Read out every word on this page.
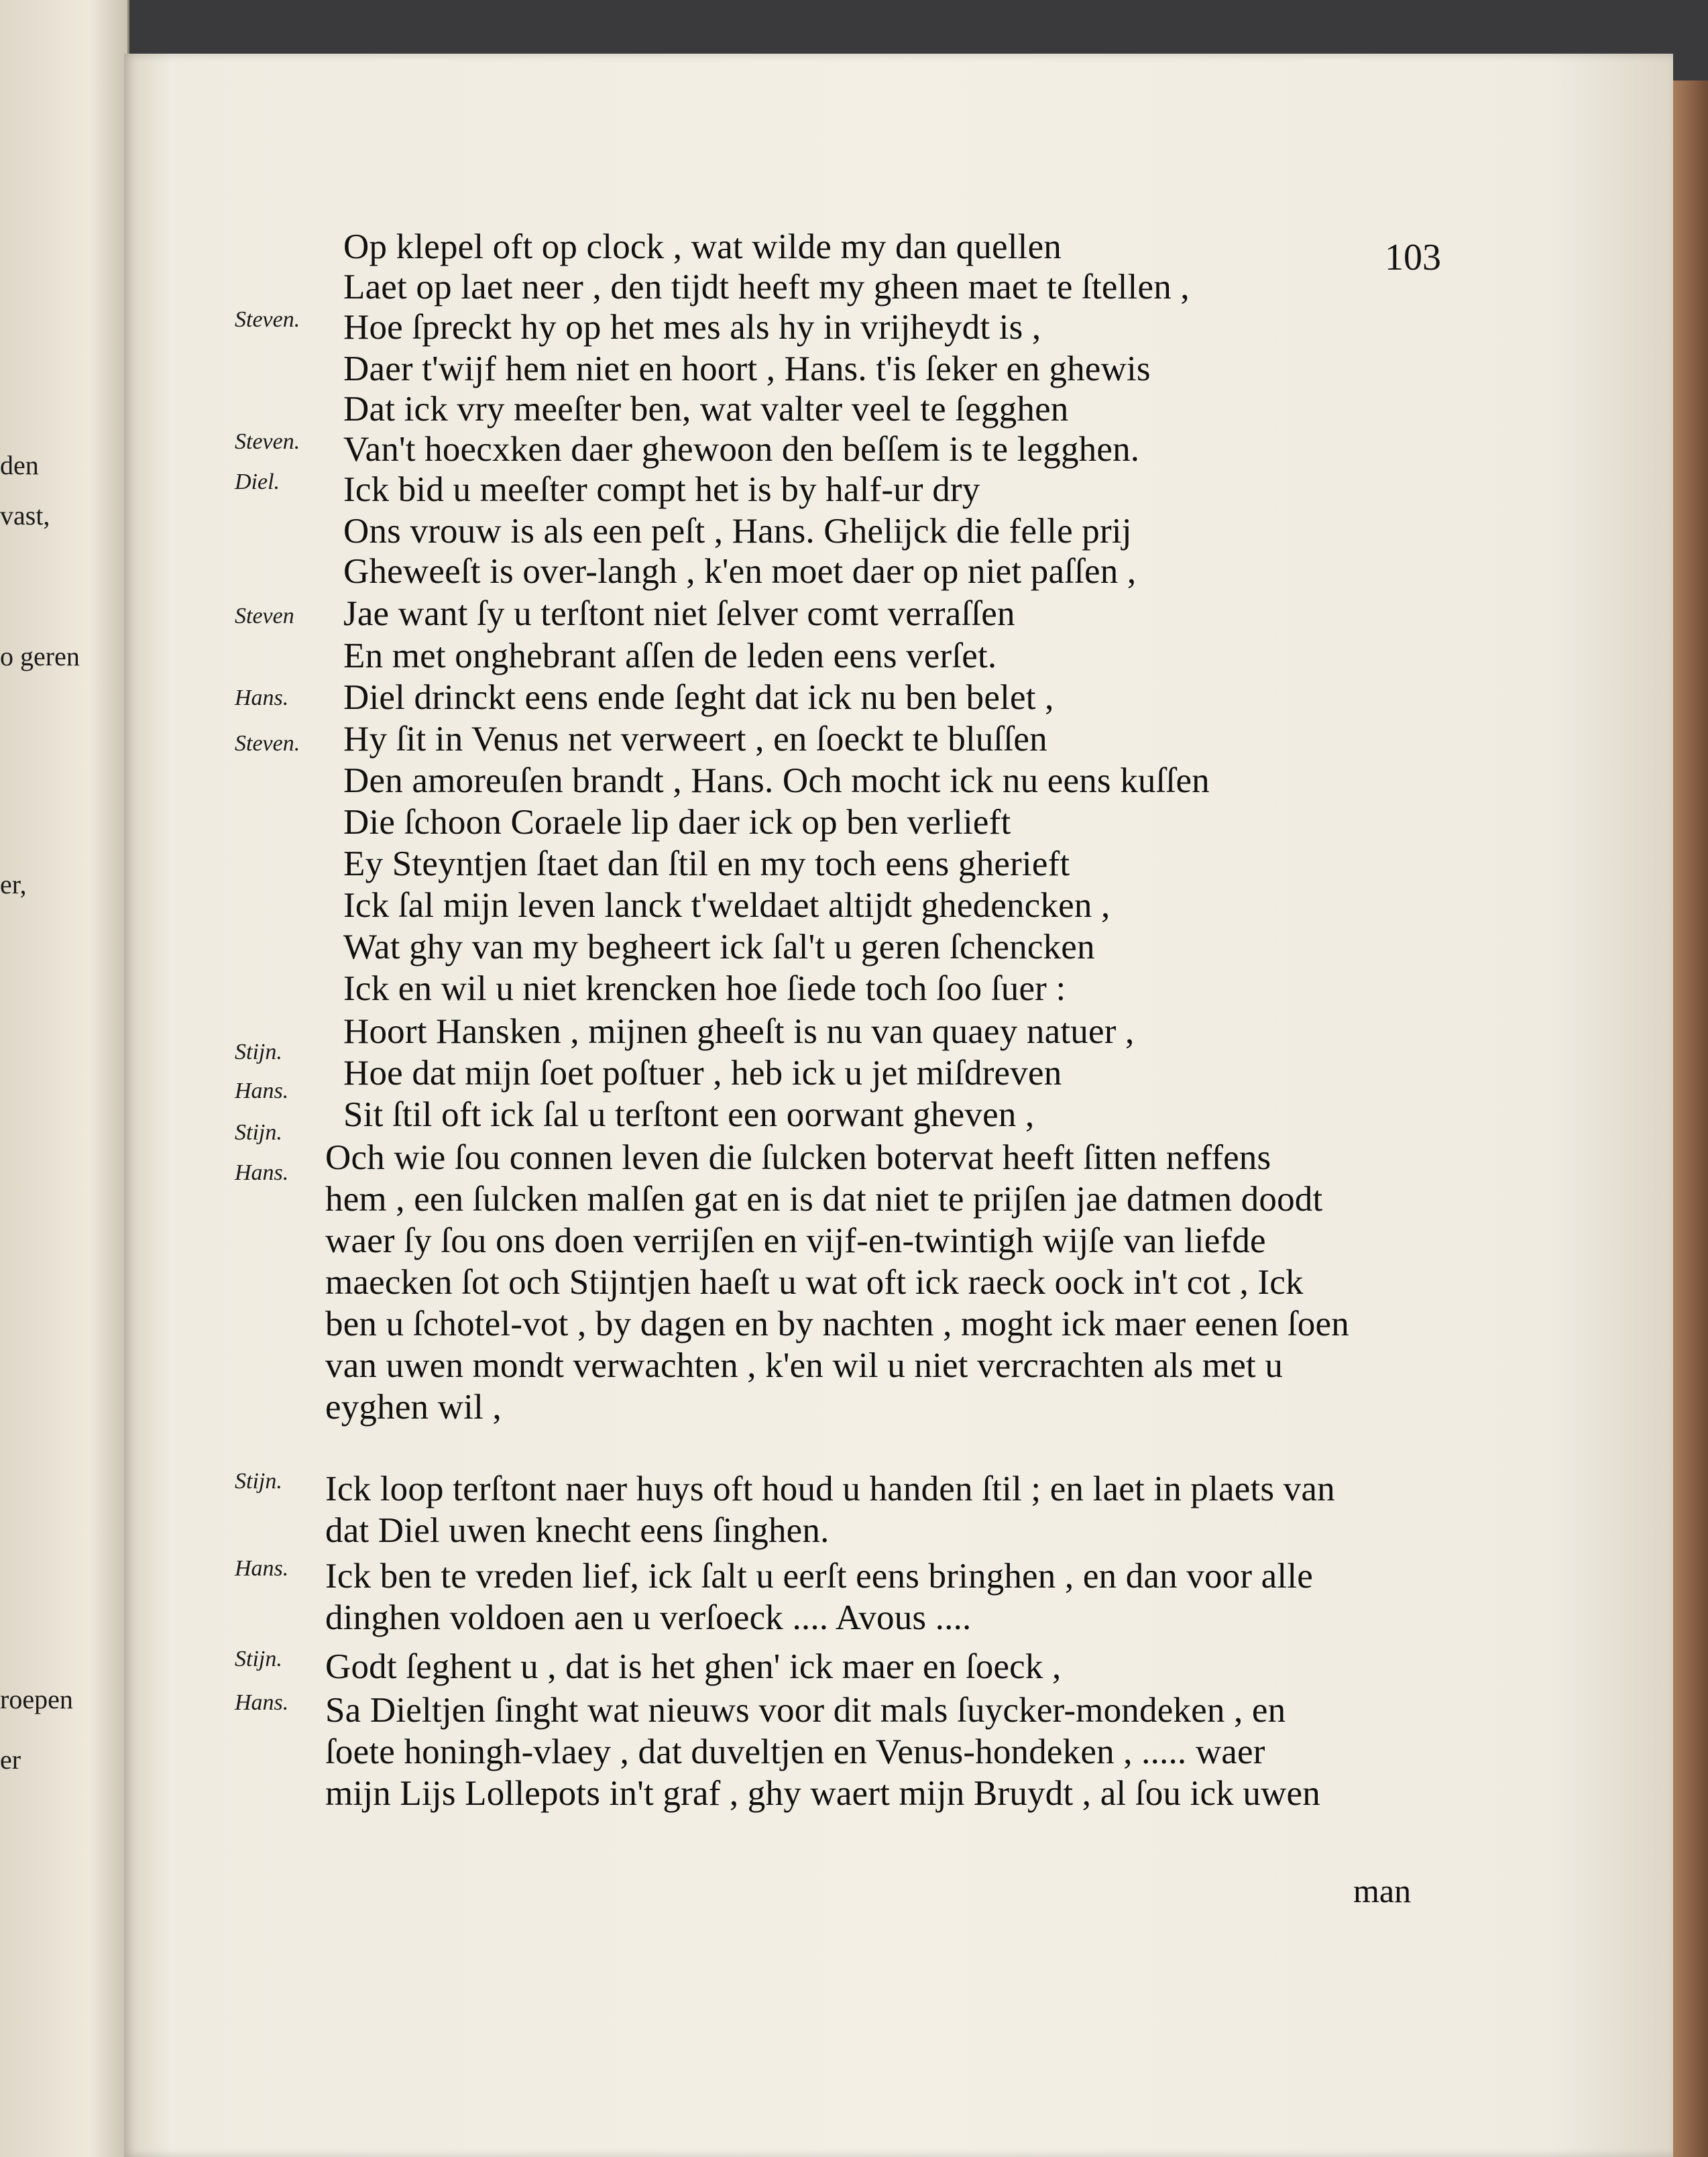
den
vast,
o geren
er,
roepen
er
103
Steven.
Steven.
Diel.
Steven
Hans.
Steven.
Stijn.
Hans.
Stijn.
Hans.
Stijn.
Hans.
Stijn.
Hans.
Op klepel oft op clock , wat wilde my dan quellen
Laet op laet neer , den tijdt heeft my gheen maet te ſtellen ,
Hoe ſpreckt hy op het mes als hy in vrijheydt is ,
Daer t'wijf hem niet en hoort , Hans. t'is ſeker en ghewis
Dat ick vry meeſter ben, wat valter veel te ſegghen
Van't hoecxken daer ghewoon den beſſem is te legghen.
Ick bid u meeſter compt het is by half-ur dry
Ons vrouw is als een peſt , Hans. Ghelijck die felle prij
Gheweeſt is over-langh , k'en moet daer op niet paſſen ,
Jae want ſy u terſtont niet ſelver comt verraſſen
En met onghebrant aſſen de leden eens verſet.
Diel drinckt eens ende ſeght dat ick nu ben belet ,
Hy ſit in Venus net verweert , en ſoeckt te bluſſen
Den amoreuſen brandt , Hans. Och mocht ick nu eens kuſſen
Die ſchoon Coraele lip daer ick op ben verlieft
Ey Steyntjen ſtaet dan ſtil en my toch eens gherieft
Ick ſal mijn leven lanck t'weldaet altijdt ghedencken ,
Wat ghy van my begheert ick ſal't u geren ſchencken
Ick en wil u niet krencken hoe ſiede toch ſoo ſuer :
Hoort Hansken , mijnen gheeſt is nu van quaey natuer ,
Hoe dat mijn ſoet poſtuer , heb ick u jet miſdreven
Sit ſtil oft ick ſal u terſtont een oorwant gheven ,
Och wie ſou connen leven die ſulcken botervat heeft ſitten neffens
hem , een ſulcken malſen gat en is dat niet te prijſen jae datmen doodt
waer ſy ſou ons doen verrijſen en vijf-en-twintigh wijſe van liefde
maecken ſot och Stijntjen haeſt u wat oft ick raeck oock in't cot , Ick
ben u ſchotel-vot , by dagen en by nachten , moght ick maer eenen ſoen
van uwen mondt verwachten , k'en wil u niet vercrachten als met u
eyghen wil ,
Ick loop terſtont naer huys oft houd u handen ſtil ; en laet in plaets van
dat Diel uwen knecht eens ſinghen.
Ick ben te vreden lief, ick ſalt u eerſt eens bringhen , en dan voor alle
dinghen voldoen aen u verſoeck .... Avous ....
Godt ſeghent u , dat is het ghen' ick maer en ſoeck ,
Sa Dieltjen ſinght wat nieuws voor dit mals ſuycker-mondeken , en
ſoete honingh-vlaey , dat duveltjen en Venus-hondeken , ..... waer
mijn Lijs Lollepots in't graf , ghy waert mijn Bruydt , al ſou ick uwen
man
